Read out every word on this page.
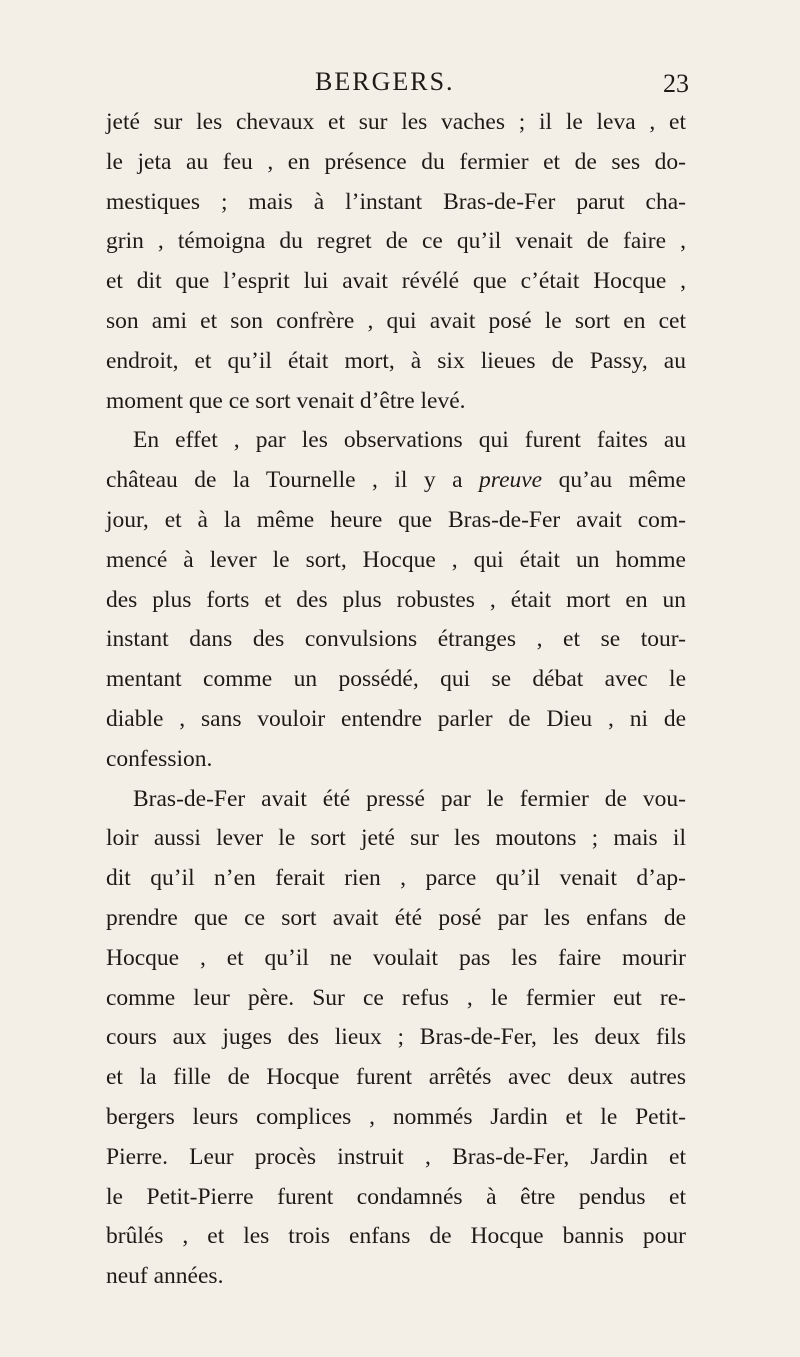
BERGERS.	23
jeté sur les chevaux et sur les vaches ; il le leva , et
le jeta au feu , en présence du fermier et de ses do-
mestiques ; mais à l’instant Bras-de-Fer parut cha-
grin , témoigna du regret de ce qu’il venait de faire ,
et dit que l’esprit lui avait révélé que c’était Hocque ,
son ami et son confrère , qui avait posé le sort en cet
endroit, et qu’il était mort, à six lieues de Passy, au
moment que ce sort venait d’être levé.
En effet , par les observations qui furent faites au
château de la Tournelle , il y a preuve qu’au même
jour, et à la même heure que Bras-de-Fer avait com-
mencé à lever le sort, Hocque , qui était un homme
des plus forts et des plus robustes , était mort en un
instant dans des convulsions étranges , et se tour-
mentant comme un possédé, qui se débat avec le
diable , sans vouloir entendre parler de Dieu , ni de
confession.
Bras-de-Fer avait été pressé par le fermier de vou-
loir aussi lever le sort jeté sur les moutons ; mais il
dit qu’il n’en ferait rien , parce qu’il venait d’ap-
prendre que ce sort avait été posé par les enfans de
Hocque , et qu’il ne voulait pas les faire mourir
comme leur père. Sur ce refus , le fermier eut re-
cours aux juges des lieux ; Bras-de-Fer, les deux fils
et la fille de Hocque furent arrêtés avec deux autres
bergers leurs complices , nommés Jardin et le Petit-
Pierre. Leur procès instruit , Bras-de-Fer, Jardin et
le Petit-Pierre furent condamnés à être pendus et
brûlés , et les trois enfans de Hocque bannis pour
neuf années.
